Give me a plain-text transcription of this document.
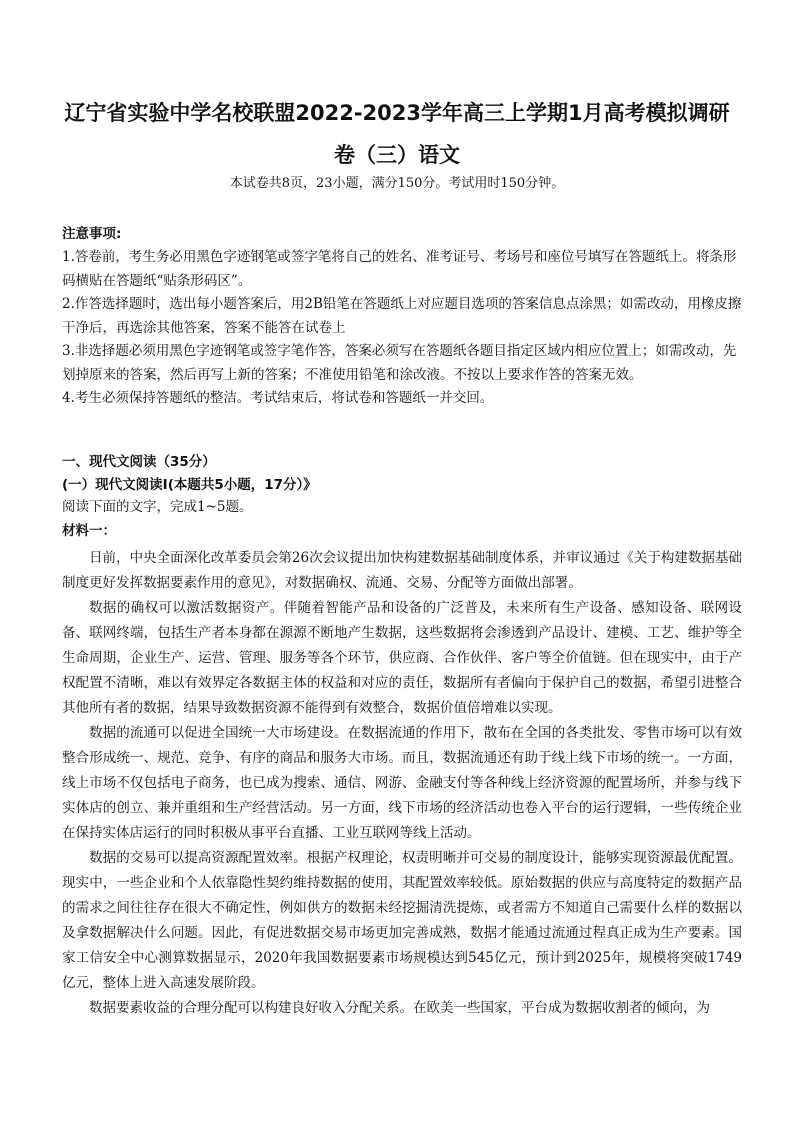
辽宁省实验中学名校联盟2022-2023学年高三上学期1月高考模拟调研
卷（三）语文

本试卷共8页，23小题，满分150分。考试用时150分钟。

注意事项:

1.答卷前，考生务必用黑色字迹钢笔或签字笔将自己的姓名、准考证号、考场号和座位号填写在答题纸上。将条形码横贴在答题纸“贴条形码区”。

2.作答选择题时，选出每小题答案后，用2B铅笔在答题纸上对应题目选项的答案信息点涂黑；如需改动，用橡皮擦干净后，再选涂其他答案，答案不能答在试卷上

3.非选择题必须用黑色字迹钢笔或签字笔作答，答案必须写在答题纸各题目指定区域内相应位置上；如需改动，先划掉原来的答案，然后再写上新的答案；不准使用铅笔和涂改液。不按以上要求作答的答案无效。

4.考生必须保持答题纸的整洁。考试结束后，将试卷和答题纸一并交回。

一、现代文阅读（35分）

(一）现代文阅读Ⅰ(本题共5小题，17分）》

阅读下面的文字，完成1~5题。

材料一：

日前，中央全面深化改革委员会第26次会议提出加快构建数据基础制度体系，并审议通过《关于构建数据基础制度更好发挥数据要素作用的意见》，对数据确权、流通、交易、分配等方面做出部署。

数据的确权可以激活数据资产。伴随着智能产品和设备的广泛普及，未来所有生产设备、感知设备、联网设备、联网终端，包括生产者本身都在源源不断地产生数据，这些数据将会渗透到产品设计、建模、工艺、维护等全生命周期，企业生产、运营、管理、服务等各个环节，供应商、合作伙伴、客户等全价值链。但在现实中，由于产权配置不清晰，难以有效界定各数据主体的权益和对应的责任，数据所有者偏向于保护自己的数据，希望引进整合其他所有者的数据，结果导致数据资源不能得到有效整合，数据价值倍增难以实现。

数据的流通可以促进全国统一大市场建设。在数据流通的作用下，散布在全国的各类批发、零售市场可以有效整合形成统一、规范、竞争、有序的商品和服务大市场。而且，数据流通还有助于线上线下市场的统一。一方面，线上市场不仅包括电子商务，也已成为搜索、通信、网游、金融支付等各种线上经济资源的配置场所，并参与线下实体店的创立、兼并重组和生产经营活动。另一方面，线下市场的经济活动也卷入平台的运行逻辑，一些传统企业在保持实体店运行的同时积极从事平台直播、工业互联网等线上活动。

数据的交易可以提高资源配置效率。根据产权理论，权责明晰并可交易的制度设计，能够实现资源最优配置。现实中，一些企业和个人依靠隐性契约维持数据的使用，其配置效率较低。原始数据的供应与高度特定的数据产品的需求之间往往存在很大不确定性，例如供方的数据未经挖掘清洗提炼，或者需方不知道自己需要什么样的数据以及拿数据解决什么问题。因此，有促进数据交易市场更加完善成熟，数据才能通过流通过程真正成为生产要素。国家工信安全中心测算数据显示，2020年我国数据要素市场规模达到545亿元，预计到2025年，规模将突破1749亿元，整体上进入高速发展阶段。

数据要素收益的合理分配可以构建良好收入分配关系。在欧美一些国家，平台成为数据收割者的倾向，为
